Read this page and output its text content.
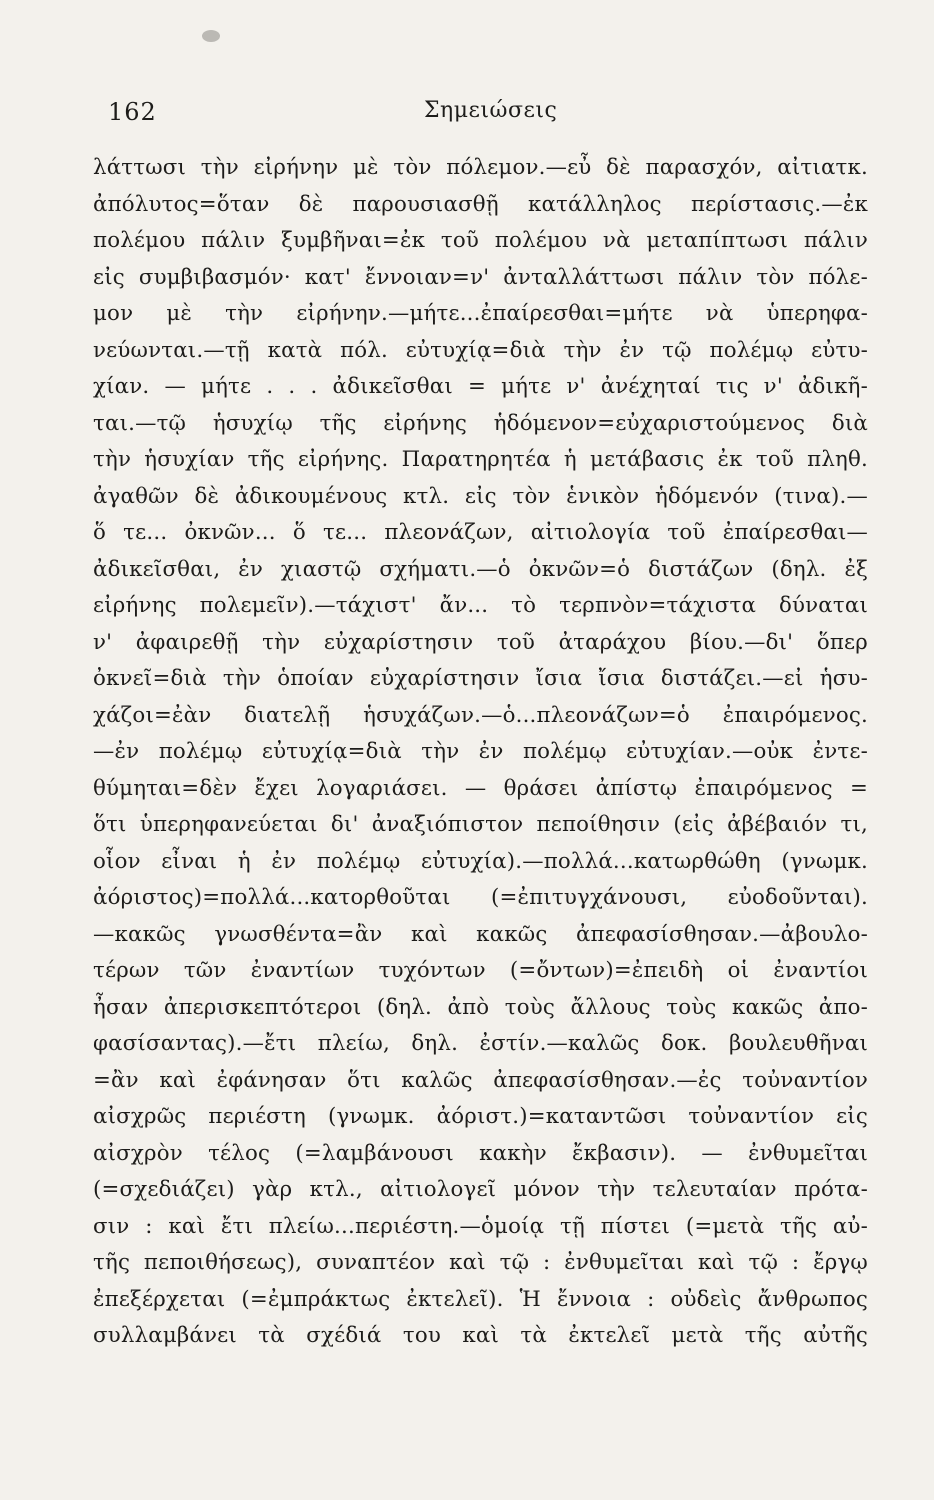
162	Σημειώσεις
λάττωσι τὴν εἰρήνην μὲ τὸν πόλεμον.—εὖ δὲ παρασχόν, αἰτιατκ.
ἀπόλυτος=ὅταν δὲ παρουσιασθῇ κατάλληλος περίστασις.—ἐκ
πολέμου πάλιν ξυμβῆναι=ἐκ τοῦ πολέμου νὰ μεταπίπτωσι πάλιν
εἰς συμβιβασμόν· κατ' ἔννοιαν=ν' ἀνταλλάττωσι πάλιν τὸν πόλε-
μον μὲ τὴν εἰρήνην.—μήτε...ἐπαίρεσθαι=μήτε νὰ ὑπερηφα-
νεύωνται.—τῇ κατὰ πόλ. εὐτυχίᾳ=διὰ τὴν ἐν τῷ πολέμῳ εὐτυ-
χίαν. — μήτε . . . ἀδικεῖσθαι = μήτε ν' ἀνέχηταί τις ν' ἀδικῆ-
ται.—τῷ ἡσυχίῳ τῆς εἰρήνης ἡδόμενον=εὐχαριστούμενος διὰ
τὴν ἡσυχίαν τῆς εἰρήνης. Παρατηρητέα ἡ μετάβασις ἐκ τοῦ πληθ.
ἀγαθῶν δὲ ἀδικουμένους κτλ. εἰς τὸν ἑνικὸν ἡδόμενόν (τινα).—
ὅ τε... ὀκνῶν... ὅ τε... πλεονάζων, αἰτιολογία τοῦ ἐπαίρεσθαι—
ἀδικεῖσθαι, ἐν χιαστῷ σχήματι.—ὁ ὀκνῶν=ὁ διστάζων (δηλ. ἐξ
εἰρήνης πολεμεῖν).—τάχιστ' ἄν... τὸ τερπνὸν=τάχιστα δύναται
ν' ἀφαιρεθῇ τὴν εὐχαρίστησιν τοῦ ἀταράχου βίου.—δι' ὅπερ
ὀκνεῖ=διὰ τὴν ὁποίαν εὐχαρίστησιν ἴσια ἴσια διστάζει.—εἰ ἡσυ-
χάζοι=ἐὰν διατελῇ ἡσυχάζων.—ὁ...πλεονάζων=ὁ ἐπαιρόμενος.
—ἐν πολέμῳ εὐτυχίᾳ=διὰ τὴν ἐν πολέμῳ εὐτυχίαν.—οὐκ ἐντε-
θύμηται=δὲν ἔχει λογαριάσει. — θράσει ἀπίστῳ ἐπαιρόμενος =
ὅτι ὑπερηφανεύεται δι' ἀναξιόπιστον πεποίθησιν (εἰς ἀβέβαιόν τι,
οἷον εἶναι ἡ ἐν πολέμῳ εὐτυχία).—πολλά...κατωρθώθη (γνωμκ.
ἀόριστος)=πολλά...κατορθοῦται (=ἐπιτυγχάνουσι, εὐοδοῦνται).
—κακῶς γνωσθέντα=ἂν καὶ κακῶς ἀπεφασίσθησαν.—ἀβουλο-
τέρων τῶν ἐναντίων τυχόντων (=ὄντων)=ἐπειδὴ οἱ ἐναντίοι
ἦσαν ἀπερισκεπτότεροι (δηλ. ἀπὸ τοὺς ἄλλους τοὺς κακῶς ἀπο-
φασίσαντας).—ἔτι πλείω, δηλ. ἐστίν.—καλῶς δοκ. βουλευθῆναι
=ἂν καὶ ἐφάνησαν ὅτι καλῶς ἀπεφασίσθησαν.—ἐς τοὐναντίον
αἰσχρῶς περιέστη (γνωμκ. ἀόριστ.)=καταντῶσι τοὐναντίον εἰς
αἰσχρὸν τέλος (=λαμβάνουσι κακὴν ἔκβασιν). — ἐνθυμεῖται
(=σχεδιάζει) γὰρ κτλ., αἰτιολογεῖ μόνον τὴν τελευταίαν πρότα-
σιν : καὶ ἔτι πλείω...περιέστη.—ὁμοίᾳ τῇ πίστει (=μετὰ τῆς αὐ-
τῆς πεποιθήσεως), συναπτέον καὶ τῷ : ἐνθυμεῖται καὶ τῷ : ἔργῳ
ἐπεξέρχεται (=ἐμπράκτως ἐκτελεῖ). Ἡ ἔννοια : οὐδεὶς ἄνθρωπος
συλλαμβάνει τὰ σχέδιά του καὶ τὰ ἐκτελεῖ μετὰ τῆς αὐτῆς
